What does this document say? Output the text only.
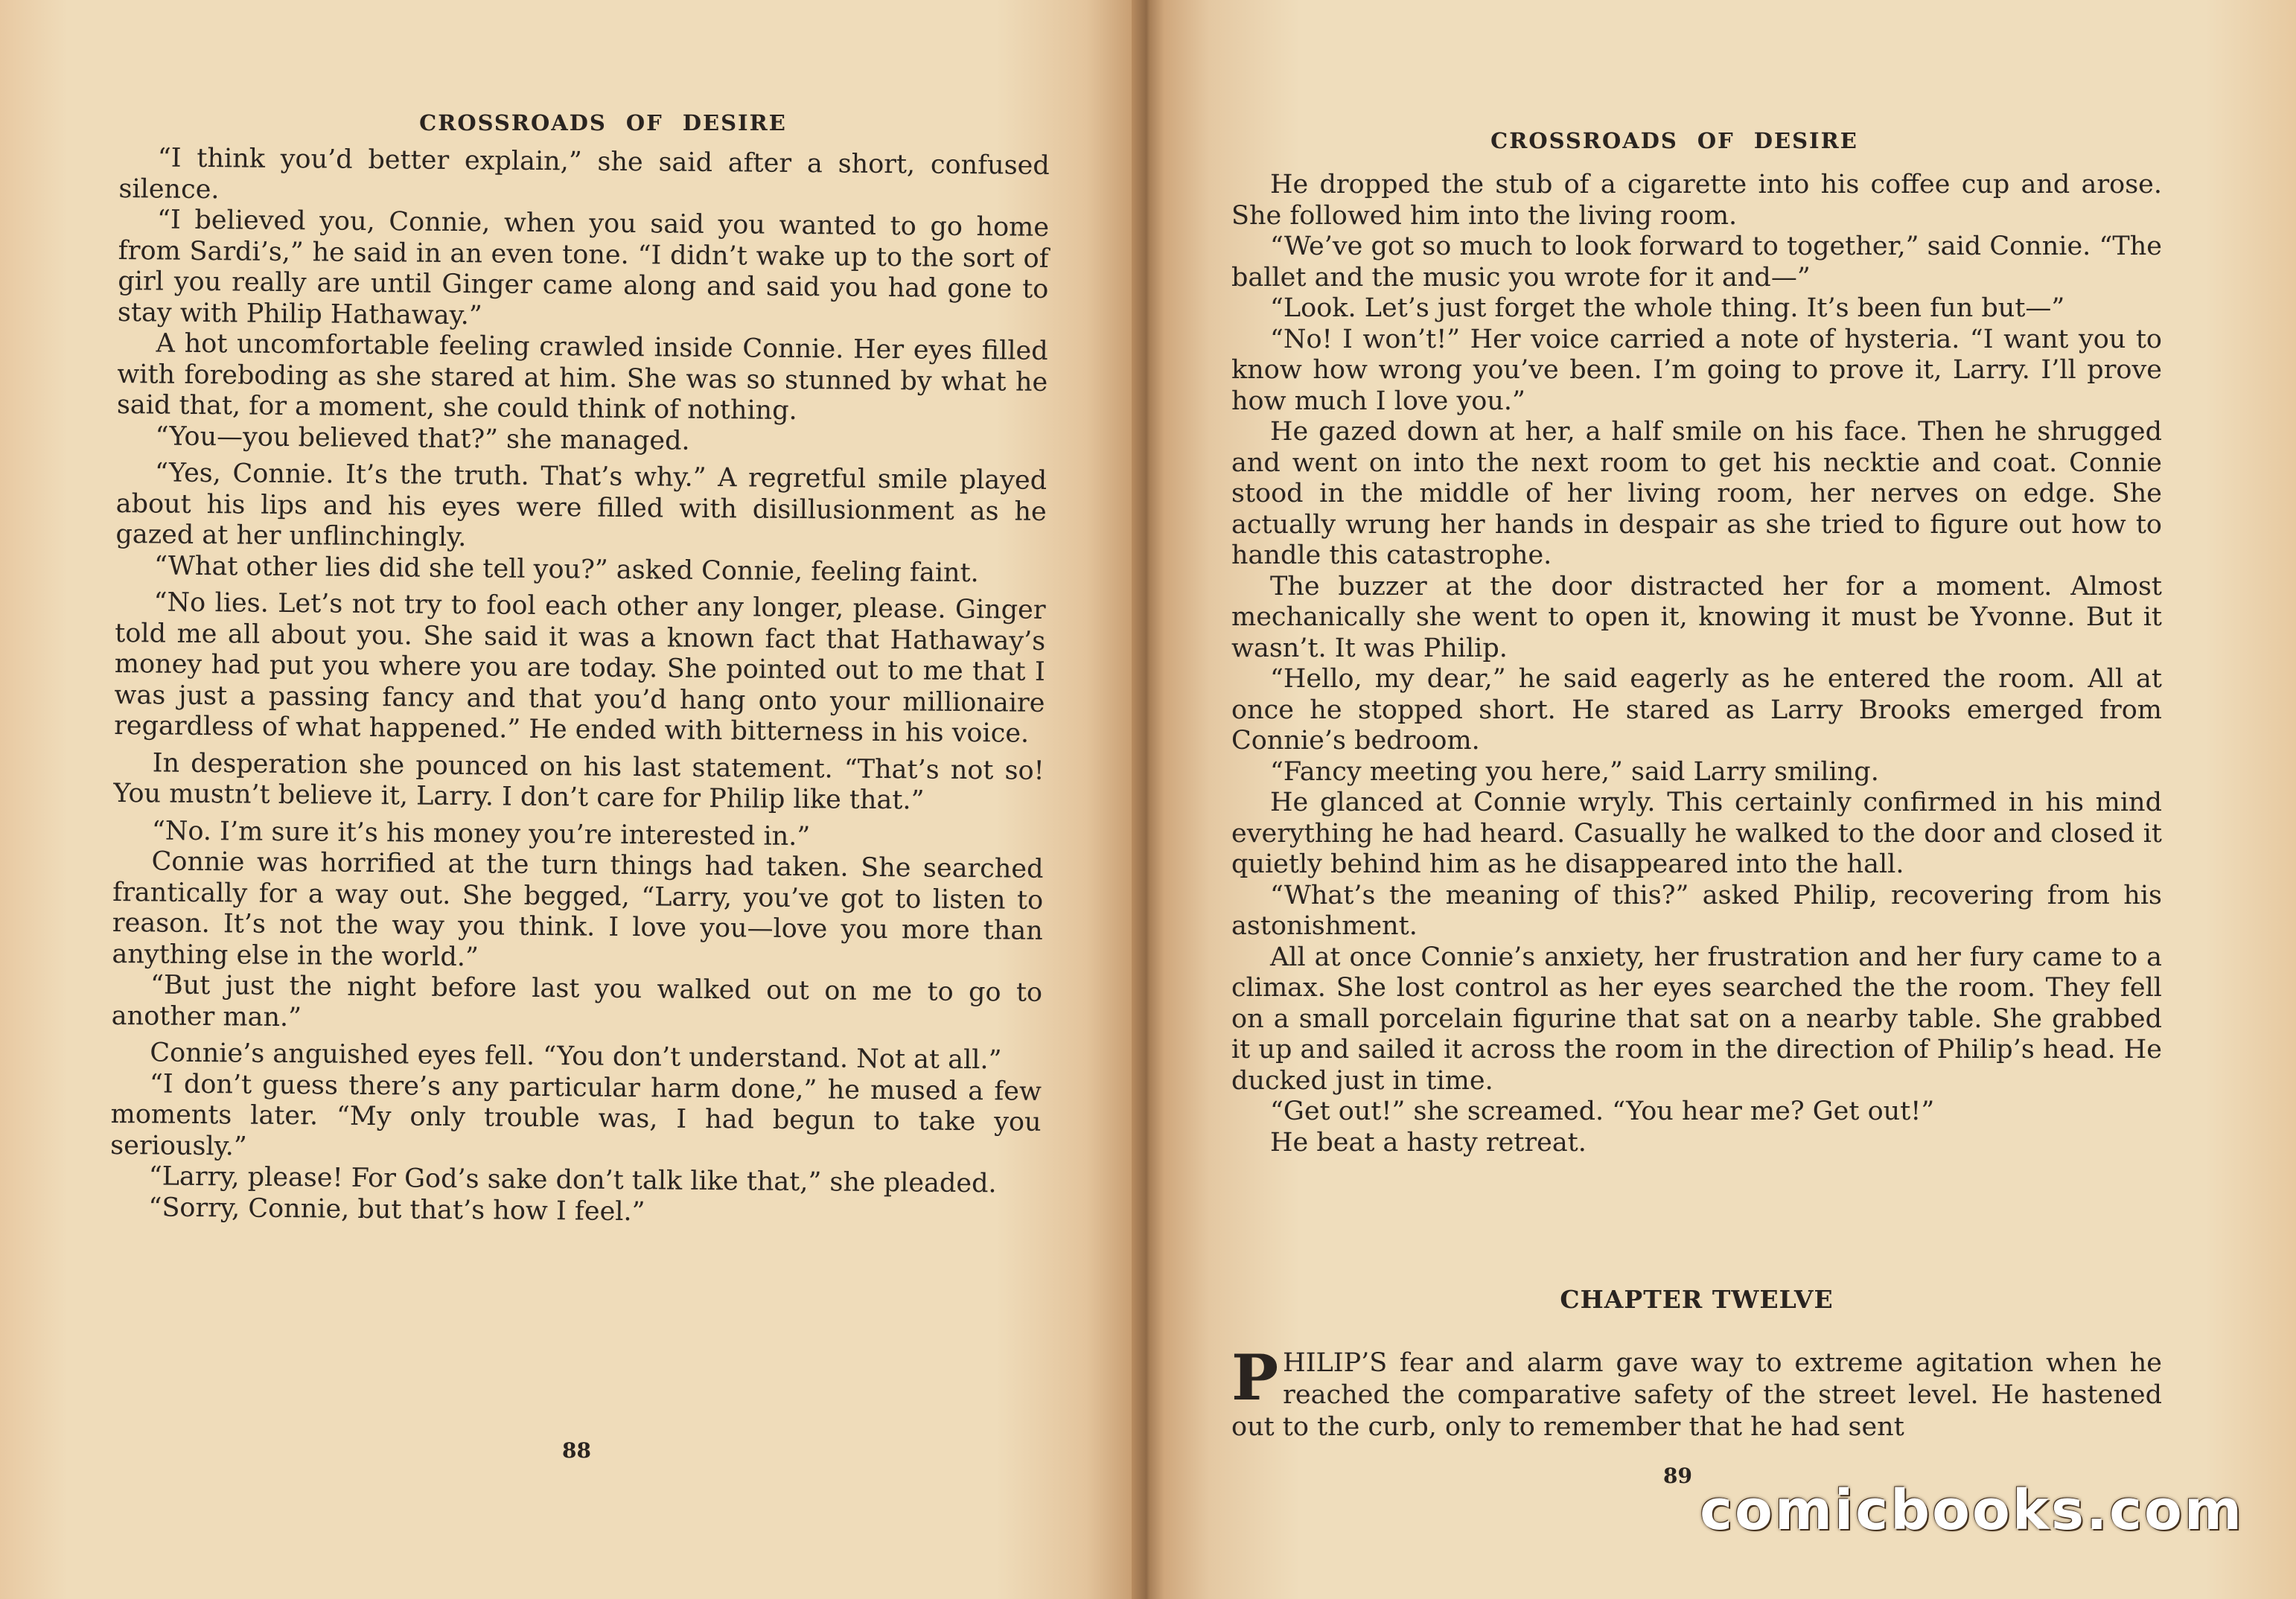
CROSSROADS OF DESIRE

“I think you’d better explain,” she said after a short, confused silence.

“I believed you, Connie, when you said you wanted to go home from Sardi’s,” he said in an even tone. “I didn’t wake up to the sort of girl you really are until Ginger came along and said you had gone to stay with Philip Hathaway.”

A hot uncomfortable feeling crawled inside Connie. Her eyes filled with foreboding as she stared at him. She was so stunned by what he said that, for a moment, she could think of nothing.

“You—you believed that?” she managed.

“Yes, Connie. It’s the truth. That’s why.” A regretful smile played about his lips and his eyes were filled with disillusionment as he gazed at her unflinchingly.

“What other lies did she tell you?” asked Connie, feeling faint.

“No lies. Let’s not try to fool each other any longer, please. Ginger told me all about you. She said it was a known fact that Hathaway’s money had put you where you are today. She pointed out to me that I was just a passing fancy and that you’d hang onto your millionaire regardless of what happened.” He ended with bitterness in his voice.

In desperation she pounced on his last statement. “That’s not so! You mustn’t believe it, Larry. I don’t care for Philip like that.”

“No. I’m sure it’s his money you’re interested in.”

Connie was horrified at the turn things had taken. She searched frantically for a way out. She begged, “Larry, you’ve got to listen to reason. It’s not the way you think. I love you—love you more than anything else in the world.”

“But just the night before last you walked out on me to go to another man.”

Connie’s anguished eyes fell. “You don’t understand. Not at all.”

“I don’t guess there’s any particular harm done,” he mused a few moments later. “My only trouble was, I had begun to take you seriously.”

“Larry, please! For God’s sake don’t talk like that,” she pleaded.

“Sorry, Connie, but that’s how I feel.”

88
CROSSROADS OF DESIRE

He dropped the stub of a cigarette into his coffee cup and arose. She followed him into the living room.

“We’ve got so much to look forward to together,” said Connie. “The ballet and the music you wrote for it and—”

“Look. Let’s just forget the whole thing. It’s been fun but—”

“No! I won’t!” Her voice carried a note of hysteria. “I want you to know how wrong you’ve been. I’m going to prove it, Larry. I’ll prove how much I love you.”

He gazed down at her, a half smile on his face. Then he shrugged and went on into the next room to get his necktie and coat. Connie stood in the middle of her living room, her nerves on edge. She actually wrung her hands in despair as she tried to figure out how to handle this catastrophe.

The buzzer at the door distracted her for a moment. Almost mechanically she went to open it, knowing it must be Yvonne. But it wasn’t. It was Philip.

“Hello, my dear,” he said eagerly as he entered the room. All at once he stopped short. He stared as Larry Brooks emerged from Connie’s bedroom.

“Fancy meeting you here,” said Larry smiling.

He glanced at Connie wryly. This certainly confirmed in his mind everything he had heard. Casually he walked to the door and closed it quietly behind him as he disappeared into the hall.

“What’s the meaning of this?” asked Philip, recovering from his astonishment.

All at once Connie’s anxiety, her frustration and her fury came to a climax. She lost control as her eyes searched the the room. They fell on a small porcelain figurine that sat on a nearby table. She grabbed it up and sailed it across the room in the direction of Philip’s head. He ducked just in time.

“Get out!” she screamed. “You hear me? Get out!”

He beat a hasty retreat.

CHAPTER TWELVE
PHILIP’S fear and alarm gave way to extreme agitation when he reached the comparative safety of the street level. He hastened out to the curb, only to remember that he had sent
89
comicbooks.com
